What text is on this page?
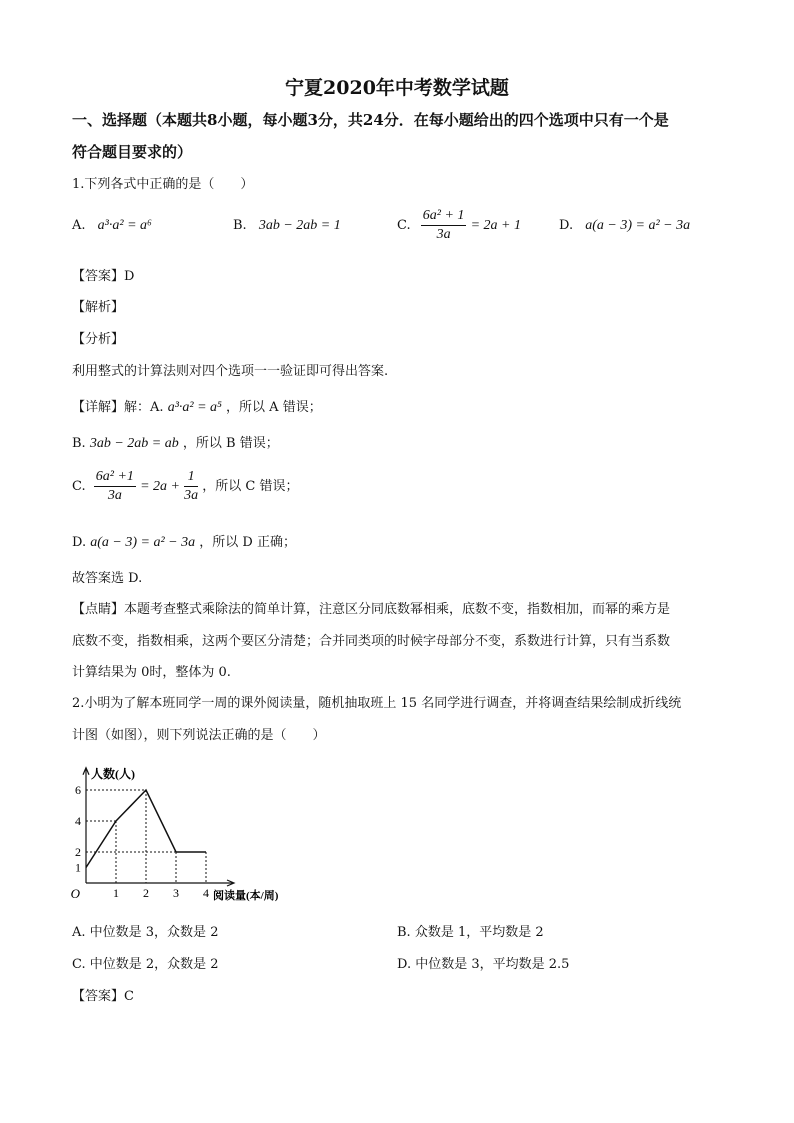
宁夏2020年中考数学试题
一、选择题（本题共8小题，每小题3分，共24分．在每小题给出的四个选项中只有一个是
符合题目要求的）
1.下列各式中正确的是（　　）
A. a³·a² = a⁶	B. 3ab − 2ab = 1	C. $\frac{\text{6a² + 1}}{3a} = 2a + 1$	D. a(a − 3) = a² − 3a
【答案】D
【解析】
【分析】
利用整式的计算法则对四个选项一一验证即可得出答案.
【详解】解：A. a³·a² = a⁵ ，所以 A 错误；
B. 3ab − 2ab = ab ，所以 B 错误；
C. $\frac{\text{6a² +1}}{3a} = 2a + \frac{1}{3a}$ ，所以 C 错误；
D. a(a − 3) = a² − 3a ，所以 D 正确；
故答案选 D.
【点睛】本题考查整式乘除法的简单计算，注意区分同底数幂相乘，底数不变，指数相加，而幂的乘方是
底数不变，指数相乘，这两个要区分清楚；合并同类项的时候字母部分不变，系数进行计算，只有当系数
计算结果为 0时，整体为 0.
2.小明为了解本班同学一周的课外阅读量，随机抽取班上 15 名同学进行调查，并将调查结果绘制成折线统
计图（如图），则下列说法正确的是（　　）
1 2 3 4
1
2
4
6
O
人数(人)
阅读量(本/周)
A. 中位数是 3，众数是 2	B. 众数是 1，平均数是 2
C. 中位数是 2，众数是 2	D. 中位数是 3，平均数是 2.5
【答案】C
